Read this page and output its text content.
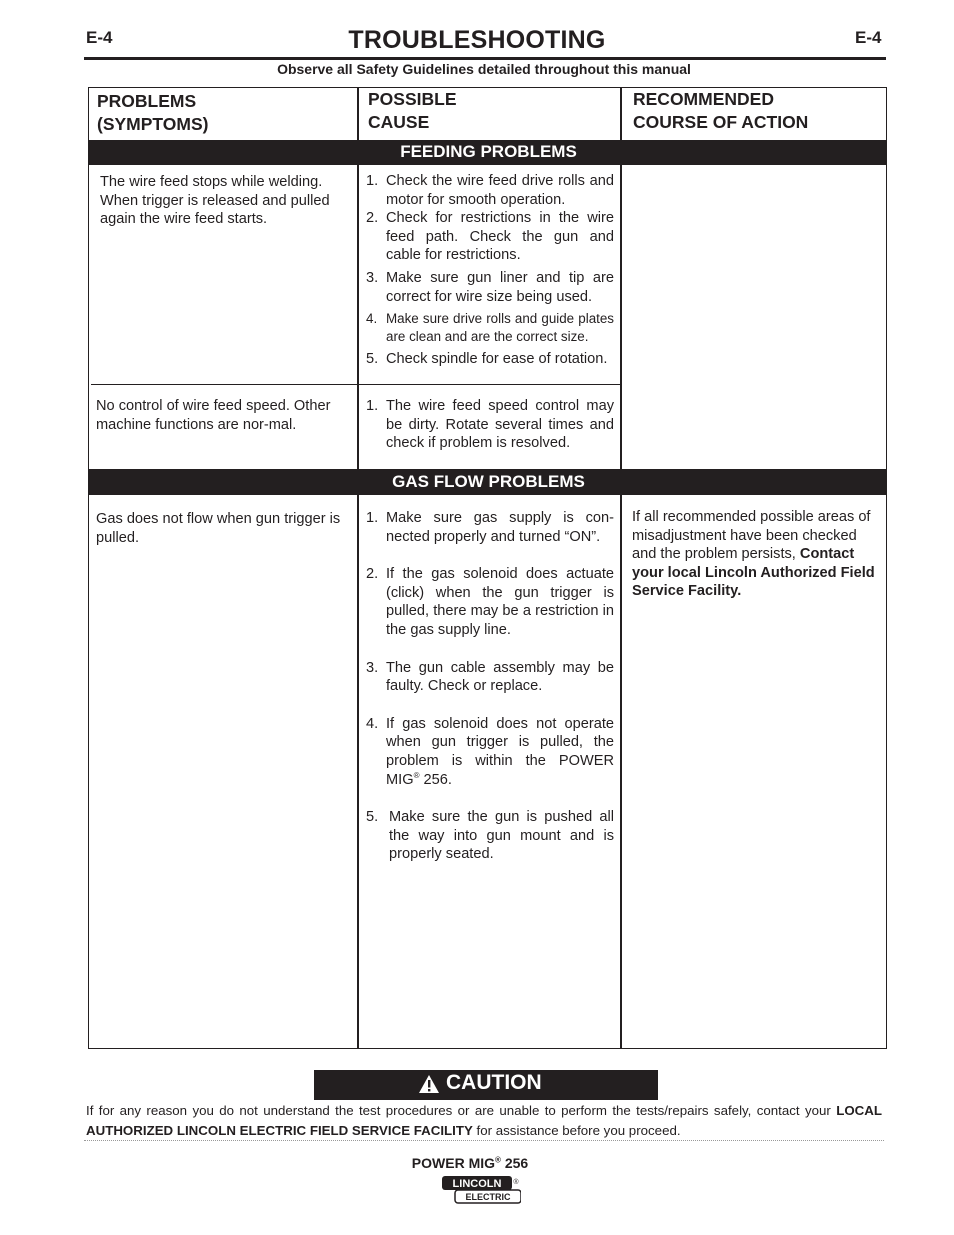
E-4	TROUBLESHOOTING	E-4
Observe all Safety Guidelines detailed throughout this manual
PROBLEMS
(SYMPTOMS)
POSSIBLE
CAUSE
RECOMMENDED
COURSE OF ACTION
FEEDING PROBLEMS
The wire feed stops while welding. When trigger is released and pulled again the wire feed starts.
1. Check the wire feed drive rolls and motor for smooth operation.
2. Check for restrictions in the wire feed path. Check the gun and cable for restrictions.
3. Make sure gun liner and tip are correct for wire size being used.
4. Make sure drive rolls and guide plates are clean and are the correct size.
5. Check spindle for ease of rotation.
No control of wire feed speed. Other machine functions are nor-mal.
1. The wire feed speed control may be dirty. Rotate several times and check if problem is resolved.
GAS FLOW PROBLEMS
Gas does not flow when gun trigger is pulled.
1. Make sure gas supply is con-nected properly and turned “ON”.
2. If the gas solenoid does actuate (click) when the gun trigger is pulled, there may be a restriction in the gas supply line.
3. The gun cable assembly may be faulty. Check or replace.
4. If gas solenoid does not operate when gun trigger is pulled, the problem is within the POWER MIG® 256.
5. Make sure the gun is pushed all the way into gun mount and is properly seated.
If all recommended possible areas of misadjustment have been checked and the problem persists, Contact your local Lincoln Authorized Field Service Facility.
CAUTION
If for any reason you do not understand the test procedures or are unable to perform the tests/repairs safely, contact your LOCAL AUTHORIZED LINCOLN ELECTRIC FIELD SERVICE FACILITY for assistance before you proceed.
POWER MIG® 256
LINCOLN ®
ELECTRIC
